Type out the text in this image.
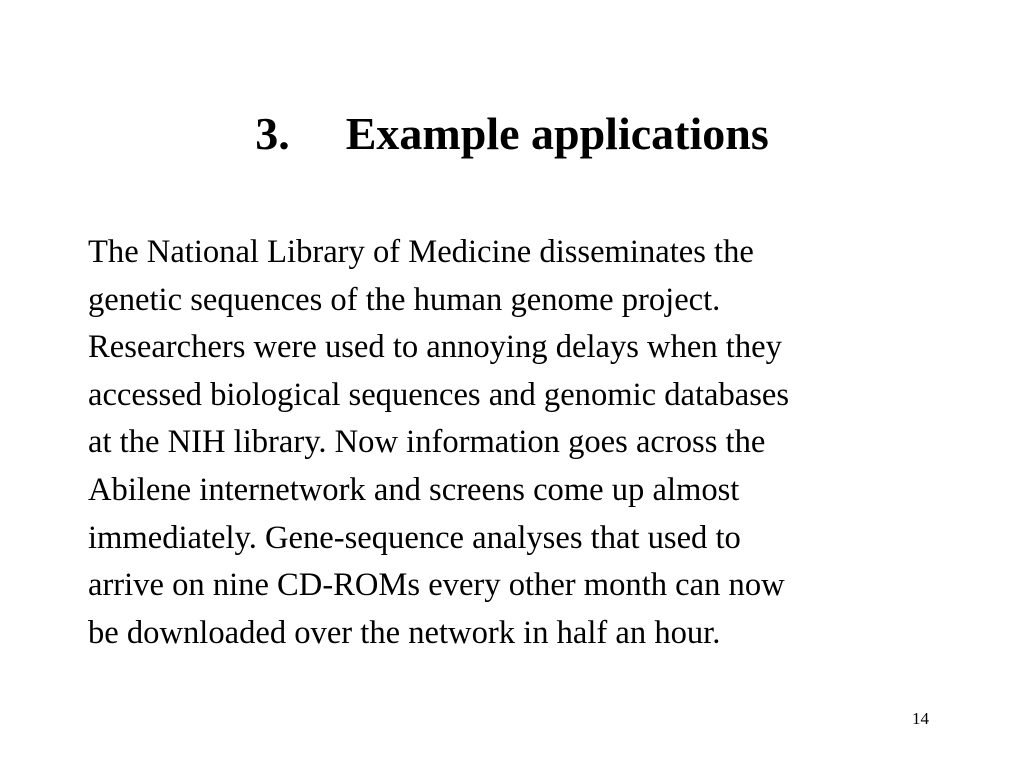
3. Example applications

The National Library of Medicine disseminates the
genetic sequences of the human genome project.
Researchers were used to annoying delays when they
accessed biological sequences and genomic databases
at the NIH library. Now information goes across the
Abilene internetwork and screens come up almost
immediately. Gene-sequence analyses that used to
arrive on nine CD-ROMs every other month can now
be downloaded over the network in half an hour.

14
